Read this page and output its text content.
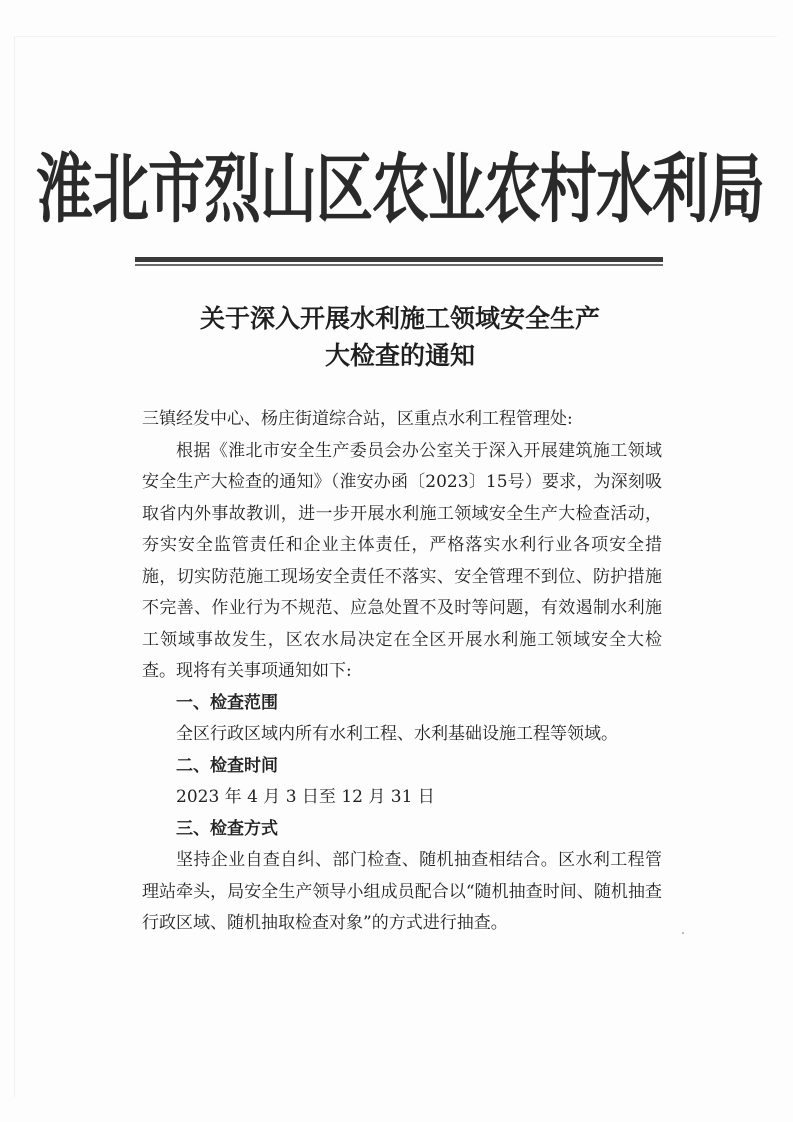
淮北市烈山区农业农村水利局
关于深入开展水利施工领域安全生产
大检查的通知

三镇经发中心、杨庄街道综合站，区重点水利工程管理处:

根据《淮北市安全生产委员会办公室关于深入开展建筑施工领域安全生产大检查的通知》（淮安办函〔2023〕15号）要求，为深刻吸取省内外事故教训，进一步开展水利施工领域安全生产大检查活动，夯实安全监管责任和企业主体责任，严格落实水利行业各项安全措施，切实防范施工现场安全责任不落实、安全管理不到位、防护措施不完善、作业行为不规范、应急处置不及时等问题，有效遏制水利施工领域事故发生，区农水局决定在全区开展水利施工领域安全大检查。现将有关事项通知如下:

一、检查范围

全区行政区域内所有水利工程、水利基础设施工程等领域。

二、检查时间

2023 年 4 月 3 日至 12 月 31 日

三、检查方式

坚持企业自查自纠、部门检查、随机抽查相结合。区水利工程管理站牵头，局安全生产领导小组成员配合以“随机抽查时间、随机抽查行政区域、随机抽取检查对象”的方式进行抽查。
